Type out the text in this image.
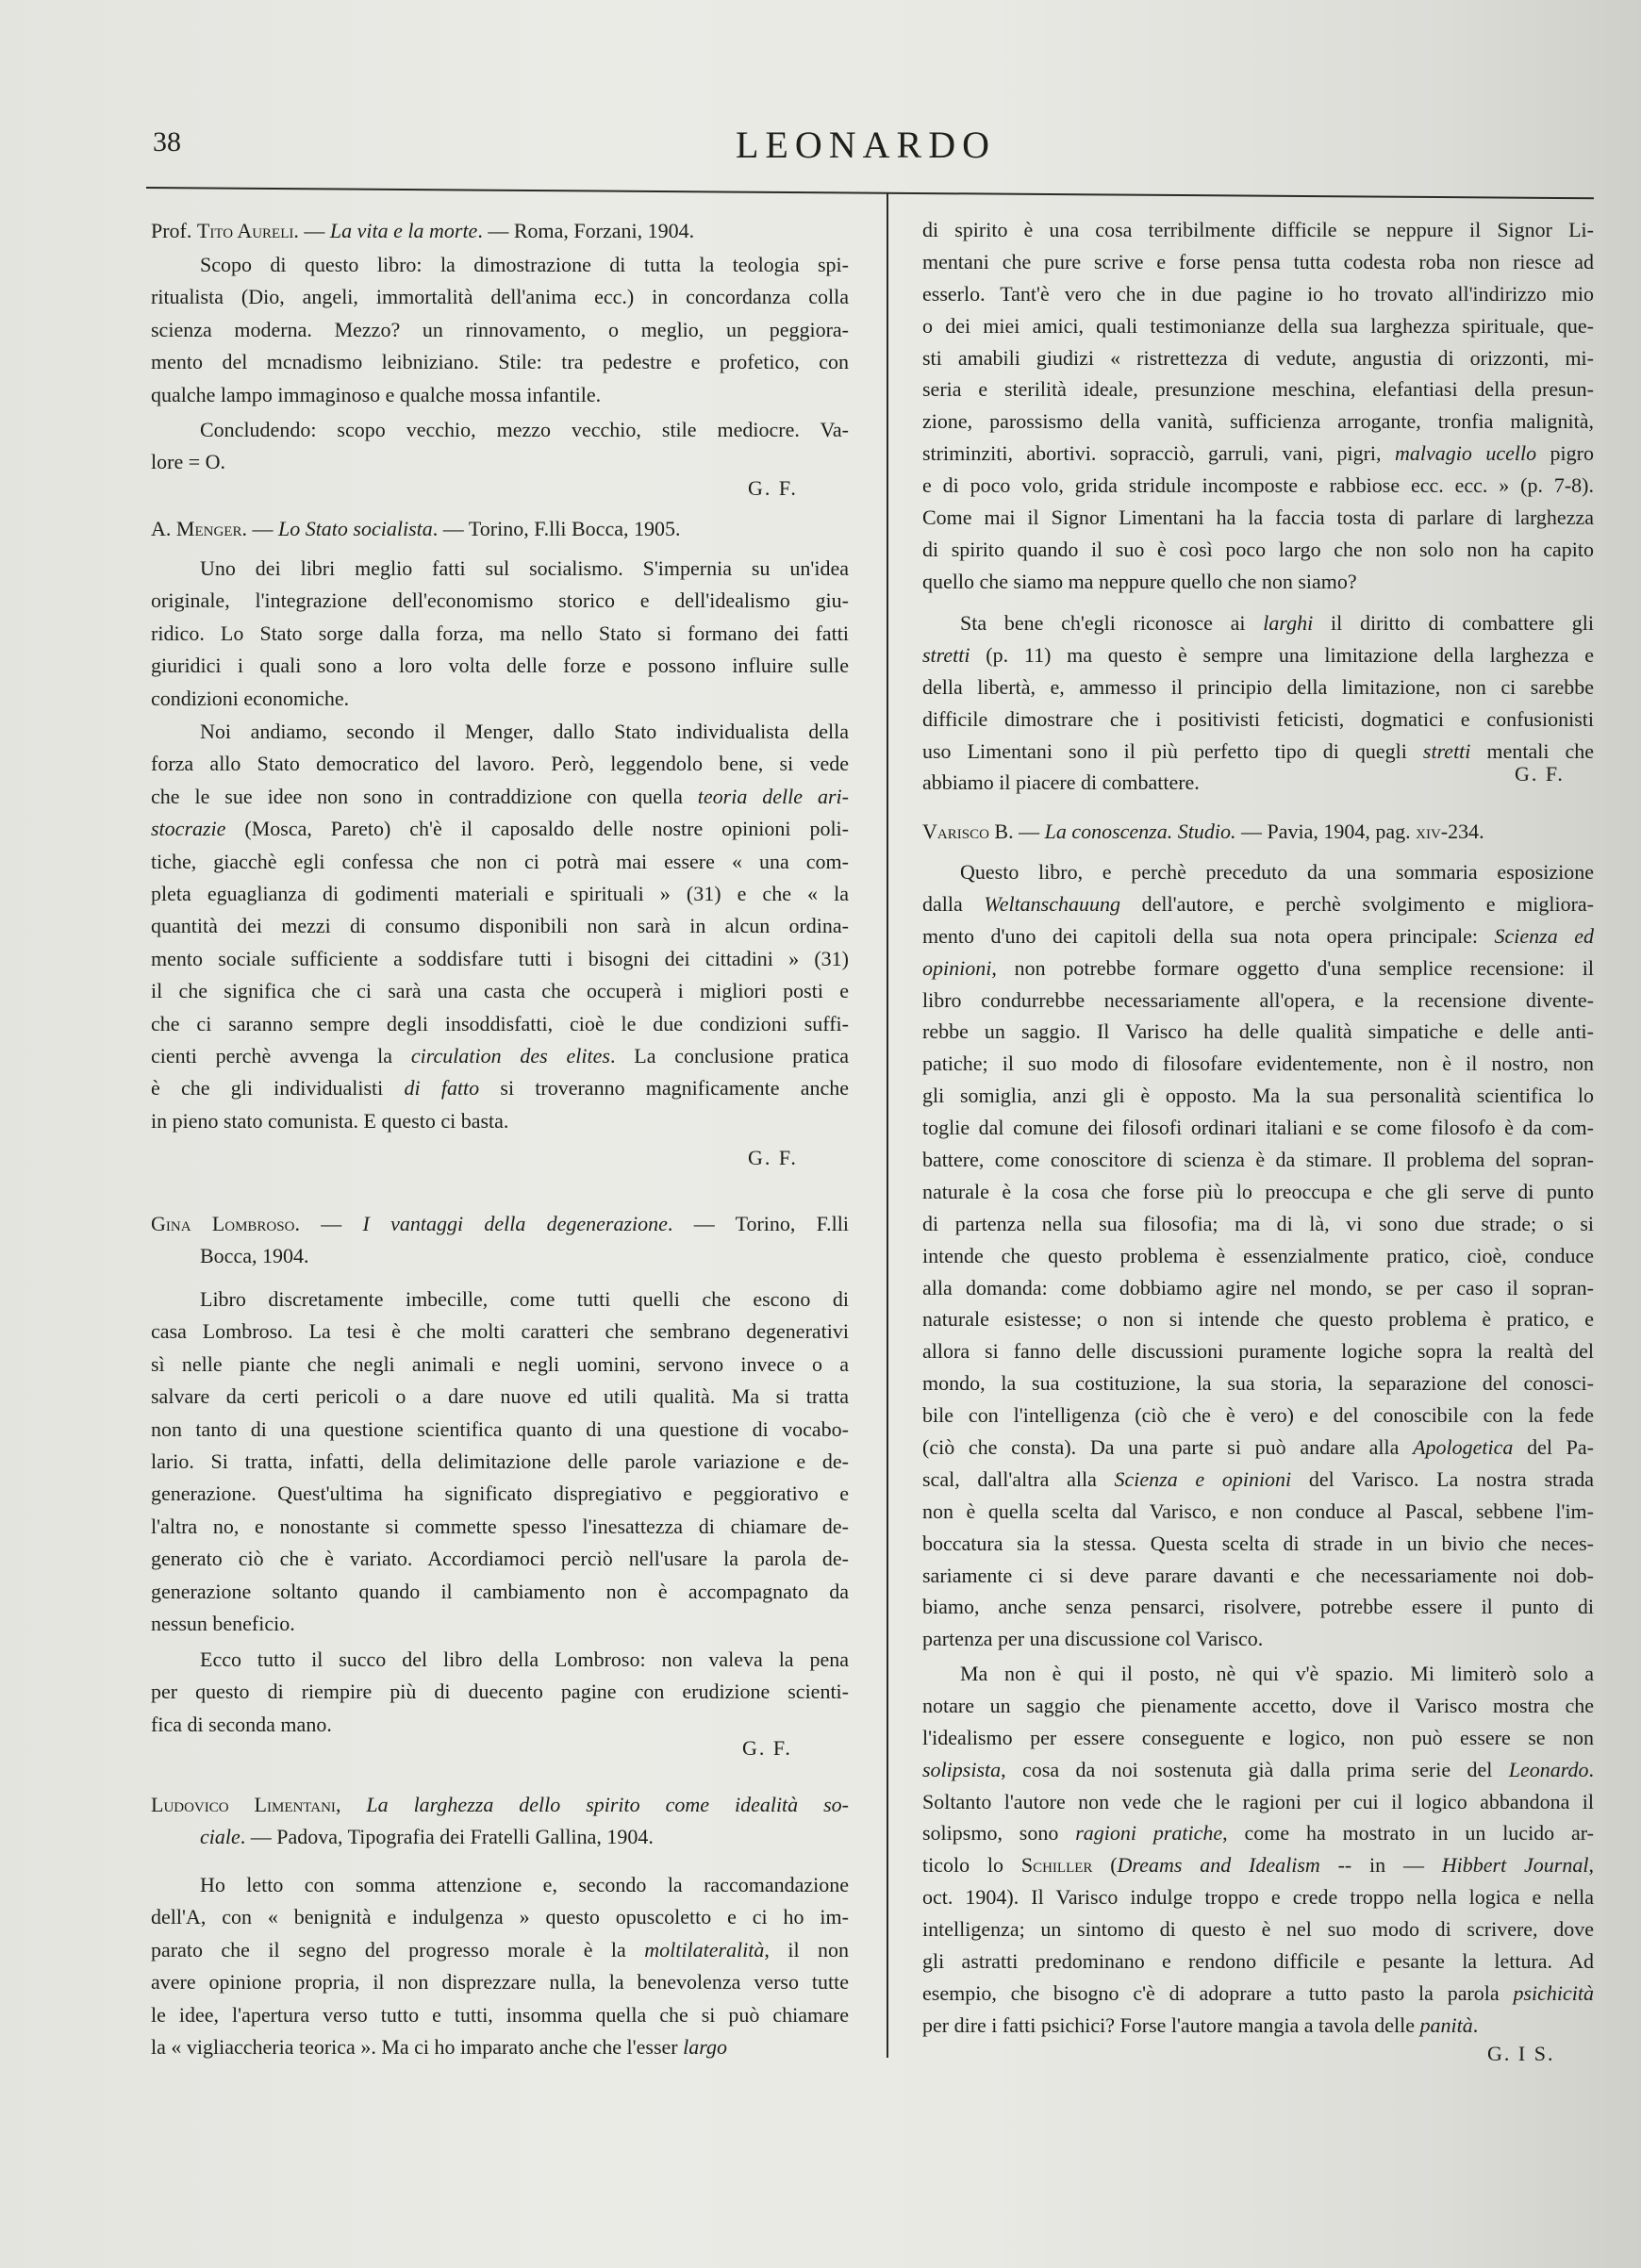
38	LEONARDO
Prof. Tito Aureli. — La vita e la morte. — Roma, Forzani, 1904.
Scopo di questo libro: la dimostrazione di tutta la teologia spi-
ritualista (Dio, angeli, immortalità dell'anima ecc.) in concordanza colla
scienza moderna. Mezzo? un rinnovamento, o meglio, un peggiora-
mento del mcnadismo leibniziano. Stile: tra pedestre e profetico, con
qualche lampo immaginoso e qualche mossa infantile.
Concludendo: scopo vecchio, mezzo vecchio, stile mediocre. Va-
lore = O.
G. F.
A. Menger. — Lo Stato socialista. — Torino, F.lli Bocca, 1905.
Uno dei libri meglio fatti sul socialismo. S'impernia su un'idea
originale, l'integrazione dell'economismo storico e dell'idealismo giu-
ridico. Lo Stato sorge dalla forza, ma nello Stato si formano dei fatti
giuridici i quali sono a loro volta delle forze e possono influire sulle
condizioni economiche.
Noi andiamo, secondo il Menger, dallo Stato individualista della
forza allo Stato democratico del lavoro. Però, leggendolo bene, si vede
che le sue idee non sono in contraddizione con quella teoria delle ari-
stocrazie (Mosca, Pareto) ch'è il caposaldo delle nostre opinioni poli-
tiche, giacchè egli confessa che non ci potrà mai essere « una com-
pleta eguaglianza di godimenti materiali e spirituali » (31) e che « la
quantità dei mezzi di consumo disponibili non sarà in alcun ordina-
mento sociale sufficiente a soddisfare tutti i bisogni dei cittadini » (31)
il che significa che ci sarà una casta che occuperà i migliori posti e
che ci saranno sempre degli insoddisfatti, cioè le due condizioni suffi-
cienti perchè avvenga la circulation des elites. La conclusione pratica
è che gli individualisti di fatto si troveranno magnificamente anche
in pieno stato comunista. E questo ci basta.
G. F.
Gina Lombroso. — I vantaggi della degenerazione. — Torino, F.lli
Bocca, 1904.
Libro discretamente imbecille, come tutti quelli che escono di
casa Lombroso. La tesi è che molti caratteri che sembrano degenerativi
sì nelle piante che negli animali e negli uomini, servono invece o a
salvare da certi pericoli o a dare nuove ed utili qualità. Ma si tratta
non tanto di una questione scientifica quanto di una questione di vocabo-
lario. Si tratta, infatti, della delimitazione delle parole variazione e de-
generazione. Quest'ultima ha significato dispregiativo e peggiorativo e
l'altra no, e nonostante si commette spesso l'inesattezza di chiamare de-
generato ciò che è variato. Accordiamoci perciò nell'usare la parola de-
generazione soltanto quando il cambiamento non è accompagnato da
nessun beneficio.
Ecco tutto il succo del libro della Lombroso: non valeva la pena
per questo di riempire più di duecento pagine con erudizione scienti-
fica di seconda mano.
G. F.
Ludovico Limentani, La larghezza dello spirito come idealità so-
ciale. — Padova, Tipografia dei Fratelli Gallina, 1904.
Ho letto con somma attenzione e, secondo la raccomandazione
dell'A, con « benignità e indulgenza » questo opuscoletto e ci ho im-
parato che il segno del progresso morale è la moltilateralità, il non
avere opinione propria, il non disprezzare nulla, la benevolenza verso tutte
le idee, l'apertura verso tutto e tutti, insomma quella che si può chiamare
la « vigliaccheria teorica ». Ma ci ho imparato anche che l'esser largo
di spirito è una cosa terribilmente difficile se neppure il Signor Li-
mentani che pure scrive e forse pensa tutta codesta roba non riesce ad
esserlo. Tant'è vero che in due pagine io ho trovato all'indirizzo mio
o dei miei amici, quali testimonianze della sua larghezza spirituale, que-
sti amabili giudizi « ristrettezza di vedute, angustia di orizzonti, mi-
seria e sterilità ideale, presunzione meschina, elefantiasi della presun-
zione, parossismo della vanità, sufficienza arrogante, tronfia malignità,
striminziti, abortivi. sopracciò, garruli, vani, pigri, malvagio ucello pigro
e di poco volo, grida stridule incomposte e rabbiose ecc. ecc. » (p. 7-8).
Come mai il Signor Limentani ha la faccia tosta di parlare di larghezza
di spirito quando il suo è così poco largo che non solo non ha capito
quello che siamo ma neppure quello che non siamo?
Sta bene ch'egli riconosce ai larghi il diritto di combattere gli
stretti (p. 11) ma questo è sempre una limitazione della larghezza e
della libertà, e, ammesso il principio della limitazione, non ci sarebbe
difficile dimostrare che i positivisti feticisti, dogmatici e confusionisti
uso Limentani sono il più perfetto tipo di quegli stretti mentali che
abbiamo il piacere di combattere.	G. F.
Varisco B. — La conoscenza. Studio. — Pavia, 1904, pag. xiv-234.
Questo libro, e perchè preceduto da una sommaria esposizione
dalla Weltanschauung dell'autore, e perchè svolgimento e migliora-
mento d'uno dei capitoli della sua nota opera principale: Scienza ed
opinioni, non potrebbe formare oggetto d'una semplice recensione: il
libro condurrebbe necessariamente all'opera, e la recensione divente-
rebbe un saggio. Il Varisco ha delle qualità simpatiche e delle anti-
patiche; il suo modo di filosofare evidentemente, non è il nostro, non
gli somiglia, anzi gli è opposto. Ma la sua personalità scientifica lo
toglie dal comune dei filosofi ordinari italiani e se come filosofo è da com-
battere, come conoscitore di scienza è da stimare. Il problema del sopran-
naturale è la cosa che forse più lo preoccupa e che gli serve di punto
di partenza nella sua filosofia; ma di là, vi sono due strade; o si
intende che questo problema è essenzialmente pratico, cioè, conduce
alla domanda: come dobbiamo agire nel mondo, se per caso il sopran-
naturale esistesse; o non si intende che questo problema è pratico, e
allora si fanno delle discussioni puramente logiche sopra la realtà del
mondo, la sua costituzione, la sua storia, la separazione del conosci-
bile con l'intelligenza (ciò che è vero) e del conoscibile con la fede
(ciò che consta). Da una parte si può andare alla Apologetica del Pa-
scal, dall'altra alla Scienza e opinioni del Varisco. La nostra strada
non è quella scelta dal Varisco, e non conduce al Pascal, sebbene l'im-
boccatura sia la stessa. Questa scelta di strade in un bivio che neces-
sariamente ci si deve parare davanti e che necessariamente noi dob-
biamo, anche senza pensarci, risolvere, potrebbe essere il punto di
partenza per una discussione col Varisco.
Ma non è qui il posto, nè qui v'è spazio. Mi limiterò solo a
notare un saggio che pienamente accetto, dove il Varisco mostra che
l'idealismo per essere conseguente e logico, non può essere se non
solipsista, cosa da noi sostenuta già dalla prima serie del Leonardo.
Soltanto l'autore non vede che le ragioni per cui il logico abbandona il
solipsmo, sono ragioni pratiche, come ha mostrato in un lucido ar-
ticolo lo Schiller (Dreams and Idealism -- in — Hibbert Journal,
oct. 1904). Il Varisco indulge troppo e crede troppo nella logica e nella
intelligenza; un sintomo di questo è nel suo modo di scrivere, dove
gli astratti predominano e rendono difficile e pesante la lettura. Ad
esempio, che bisogno c'è di adoprare a tutto pasto la parola psichicità
per dire i fatti psichici? Forse l'autore mangia a tavola delle panità.
G. I S.
